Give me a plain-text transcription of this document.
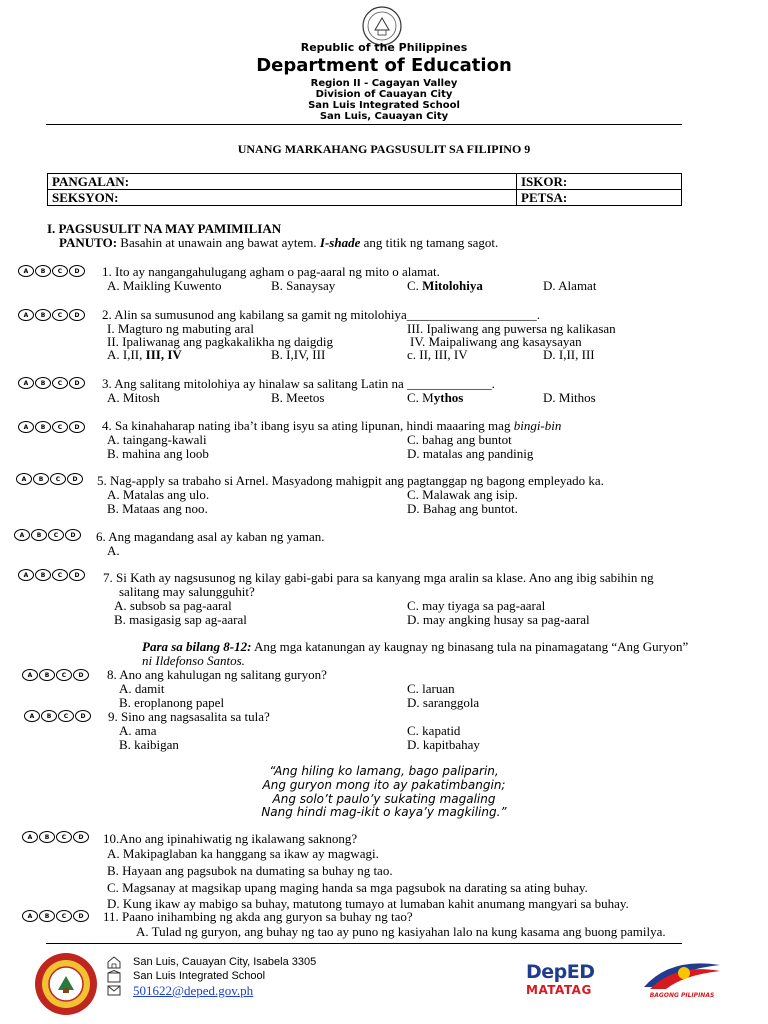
Republic of the Philippines
Department of Education
Region II - Cagayan Valley
Division of Cauayan City
San Luis Integrated School
San Luis, Cauayan City
UNANG MARKAHANG PAGSUSULIT SA FILIPINO 9
PANGALAN:	ISKOR:
SEKSYON:	PETSA:
I. PAGSUSULIT NA MAY PAMIMILIAN
PANUTO: Basahin at unawain ang bawat aytem. I-shade ang titik ng tamang sagot.
A	B	C	D	1. Ito ay nangangahulugang agham o pag-aaral ng mito o alamat.
A. Maikling Kuwento	B. Sanaysay	C. Mitolohiya	D. Alamat
A	B	C	D	2. Alin sa sumusunod ang kabilang sa gamit ng mitolohiya____________________.
I. Magturo ng mabuting aral	III. Ipaliwang ang puwersa ng kalikasan
II. Ipaliwanag ang pagkakalikha ng daigdig	IV. Maipaliwang ang kasaysayan
A. I,II, III, IV	B. I,IV, III	c. II, III, IV	D. I,II, III
A	B	C	D	3. Ang salitang mitolohiya ay hinalaw sa salitang Latin na _____________.
A. Mitosh	B. Meetos	C. Mythos	D. Mithos
A	B	C	D	4. Sa kinahaharap nating iba’t ibang isyu sa ating lipunan, hindi maaaring mag bingi-bin
A. taingang-kawali	C. bahag ang buntot
B. mahina ang loob	D. matalas ang pandinig
A	B	C	D	5. Nag-apply sa trabaho si Arnel. Masyadong mahigpit ang pagtanggap ng bagong empleyado ka.
A. Matalas ang ulo.	C. Malawak ang isip.
B. Mataas ang noo.	D. Bahag ang buntot.
A	B	C	D	6. Ang magandang asal ay kaban ng yaman.
A.
A	B	C	D	7. Si Kath ay nagsusunog ng kilay gabi-gabi para sa kanyang mga aralin sa klase. Ano ang ibig sabihin ng
salitang may salungguhit?
A. subsob sa pag-aaral	C. may tiyaga sa pag-aaral
B. masigasig sap ag-aaral	D. may angking husay sa pag-aaral
Para sa bilang 8-12: Ang mga katanungan ay kaugnay ng binasang tula na pinamagatang “Ang Guryon”
ni Ildefonso Santos.
A	B	C	D	8. Ano ang kahulugan ng salitang guryon?
A. damit	C. laruan
B. eroplanong papel	D. saranggola
A	B	C	D	9. Sino ang nagsasalita sa tula?
A. ama	C. kapatid
B. kaibigan	D. kapitbahay
“Ang hiling ko lamang, bago paliparin,
Ang guryon mong ito ay pakatimbangin;
Ang solo’t paulo’y sukating magaling
Nang hindi mag-ikit o kaya’y magkiling.”
A	B	C	D	10.Ano ang ipinahiwatig ng ikalawang saknong?
A. Makipaglaban ka hanggang sa ikaw ay magwagi.
B. Hayaan ang pagsubok na dumating sa buhay ng tao.
C. Magsanay at magsikap upang maging handa sa mga pagsubok na darating sa ating buhay.
D. Kung ikaw ay mabigo sa buhay, matutong tumayo at lumaban kahit anumang mangyari sa buhay.
A	B	C	D	11. Paano inihambing ng akda ang guryon sa buhay ng tao?
A. Tulad ng guryon, ang buhay ng tao ay puno ng kasiyahan lalo na kung kasama ang buong pamilya.
San Luis, Cauayan City, Isabela 3305
San Luis Integrated School
501622@deped.gov.ph
DepED
MATATAG	BAGONG PILIPINAS
